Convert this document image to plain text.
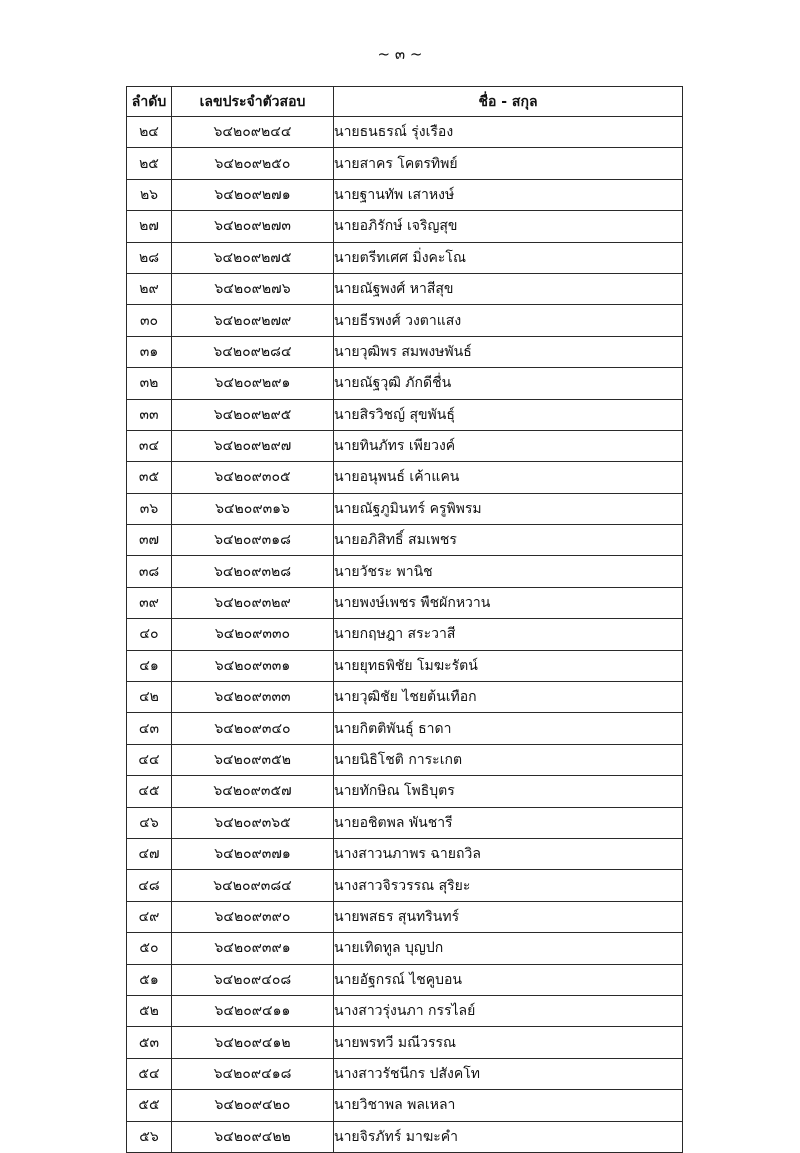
~ ๓ ~
ลำดับ	เลขประจำตัวสอบ	ชื่อ - สกุล
๒๔	๖๔๒๐๙๒๔๔	นายธนธรณ์ รุ่งเรือง
๒๕	๖๔๒๐๙๒๕๐	นายสาคร โคตรทิพย์
๒๖	๖๔๒๐๙๒๗๑	นายฐานทัพ เสาหงษ์
๒๗	๖๔๒๐๙๒๗๓	นายอภิรักษ์ เจริญสุข
๒๘	๖๔๒๐๙๒๗๕	นายตรีทเศศ มิ่งคะโณ
๒๙	๖๔๒๐๙๒๗๖	นายณัฐพงศ์ หาสีสุข
๓๐	๖๔๒๐๙๒๗๙	นายธีรพงศ์ วงตาแสง
๓๑	๖๔๒๐๙๒๘๔	นายวุฒิพร สมพงษพันธ์
๓๒	๖๔๒๐๙๒๙๑	นายณัฐวุฒิ ภักดีชื่น
๓๓	๖๔๒๐๙๒๙๕	นายสิรวิชญ์ สุขพันธุ์
๓๔	๖๔๒๐๙๒๙๗	นายทินภัทร เพียวงค์
๓๕	๖๔๒๐๙๓๐๕	นายอนุพนธ์ เค้าแคน
๓๖	๖๔๒๐๙๓๑๖	นายณัฐภูมินทร์ ครูพิพรม
๓๗	๖๔๒๐๙๓๑๘	นายอภิสิทธิ์ สมเพชร
๓๘	๖๔๒๐๙๓๒๘	นายวัชระ พานิช
๓๙	๖๔๒๐๙๓๒๙	นายพงษ์เพชร พืชผักหวาน
๔๐	๖๔๒๐๙๓๓๐	นายกฤษฎา สระวาสี
๔๑	๖๔๒๐๙๓๓๑	นายยุทธพิชัย โมฆะรัตน์
๔๒	๖๔๒๐๙๓๓๓	นายวุฒิชัย ไชยต้นเทือก
๔๓	๖๔๒๐๙๓๔๐	นายกิตติพันธุ์ ธาดา
๔๔	๖๔๒๐๙๓๕๒	นายนิธิโชติ การะเกต
๔๕	๖๔๒๐๙๓๕๗	นายทักษิณ โพธิบุตร
๔๖	๖๔๒๐๙๓๖๕	นายอชิตพล พันชารี
๔๗	๖๔๒๐๙๓๗๑	นางสาวนภาพร ฉายถวิล
๔๘	๖๔๒๐๙๓๘๔	นางสาวจิรวรรณ สุริยะ
๔๙	๖๔๒๐๙๓๙๐	นายพสธร สุนทรินทร์
๕๐	๖๔๒๐๙๓๙๑	นายเทิดทูล บุญปก
๕๑	๖๔๒๐๙๔๐๘	นายอัฐกรณ์ ไชคูบอน
๕๒	๖๔๒๐๙๔๑๑	นางสาวรุ่งนภา กรรไลย์
๕๓	๖๔๒๐๙๔๑๒	นายพรทวี มณีวรรณ
๕๔	๖๔๒๐๙๔๑๘	นางสาวรัชนีกร ปสังคโท
๕๕	๖๔๒๐๙๔๒๐	นายวิชาพล พลเหลา
๕๖	๖๔๒๐๙๔๒๒	นายจิรภัทร์ มาฆะคำ
